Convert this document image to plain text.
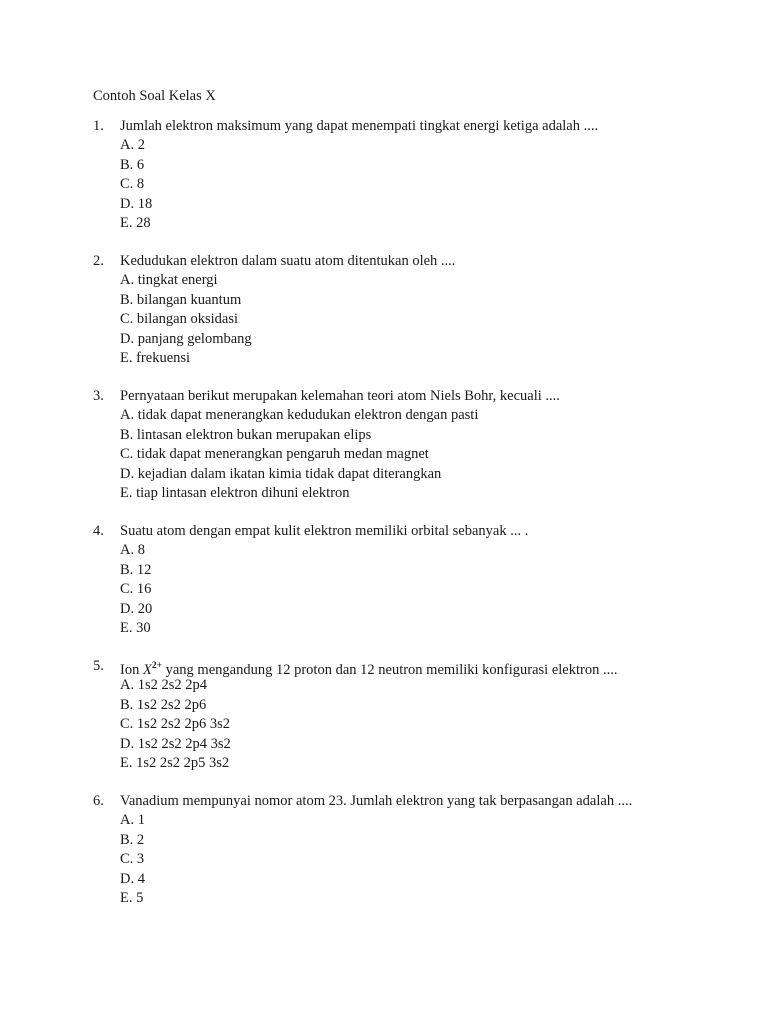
Contoh Soal Kelas X
1. Jumlah elektron maksimum yang dapat menempati tingkat energi ketiga adalah ....
A. 2
B. 6
C. 8
D. 18
E. 28
2. Kedudukan elektron dalam suatu atom ditentukan oleh ....
A. tingkat energi
B. bilangan kuantum
C. bilangan oksidasi
D. panjang gelombang
E. frekuensi
3. Pernyataan berikut merupakan kelemahan teori atom Niels Bohr, kecuali ....
A. tidak dapat menerangkan kedudukan elektron dengan pasti
B. lintasan elektron bukan merupakan elips
C. tidak dapat menerangkan pengaruh medan magnet
D. kejadian dalam ikatan kimia tidak dapat diterangkan
E. tiap lintasan elektron dihuni elektron
4. Suatu atom dengan empat kulit elektron memiliki orbital sebanyak ... .
A. 8
B. 12
C. 16
D. 20
E. 30
5. Ion $X^{2+}$ yang mengandung 12 proton dan 12 neutron memiliki konfigurasi elektron ....
A. 1s2 2s2 2p4
B. 1s2 2s2 2p6
C. 1s2 2s2 2p6 3s2
D. 1s2 2s2 2p4 3s2
E. 1s2 2s2 2p5 3s2
6. Vanadium mempunyai nomor atom 23. Jumlah elektron yang tak berpasangan adalah ....
A. 1
B. 2
C. 3
D. 4
E. 5
